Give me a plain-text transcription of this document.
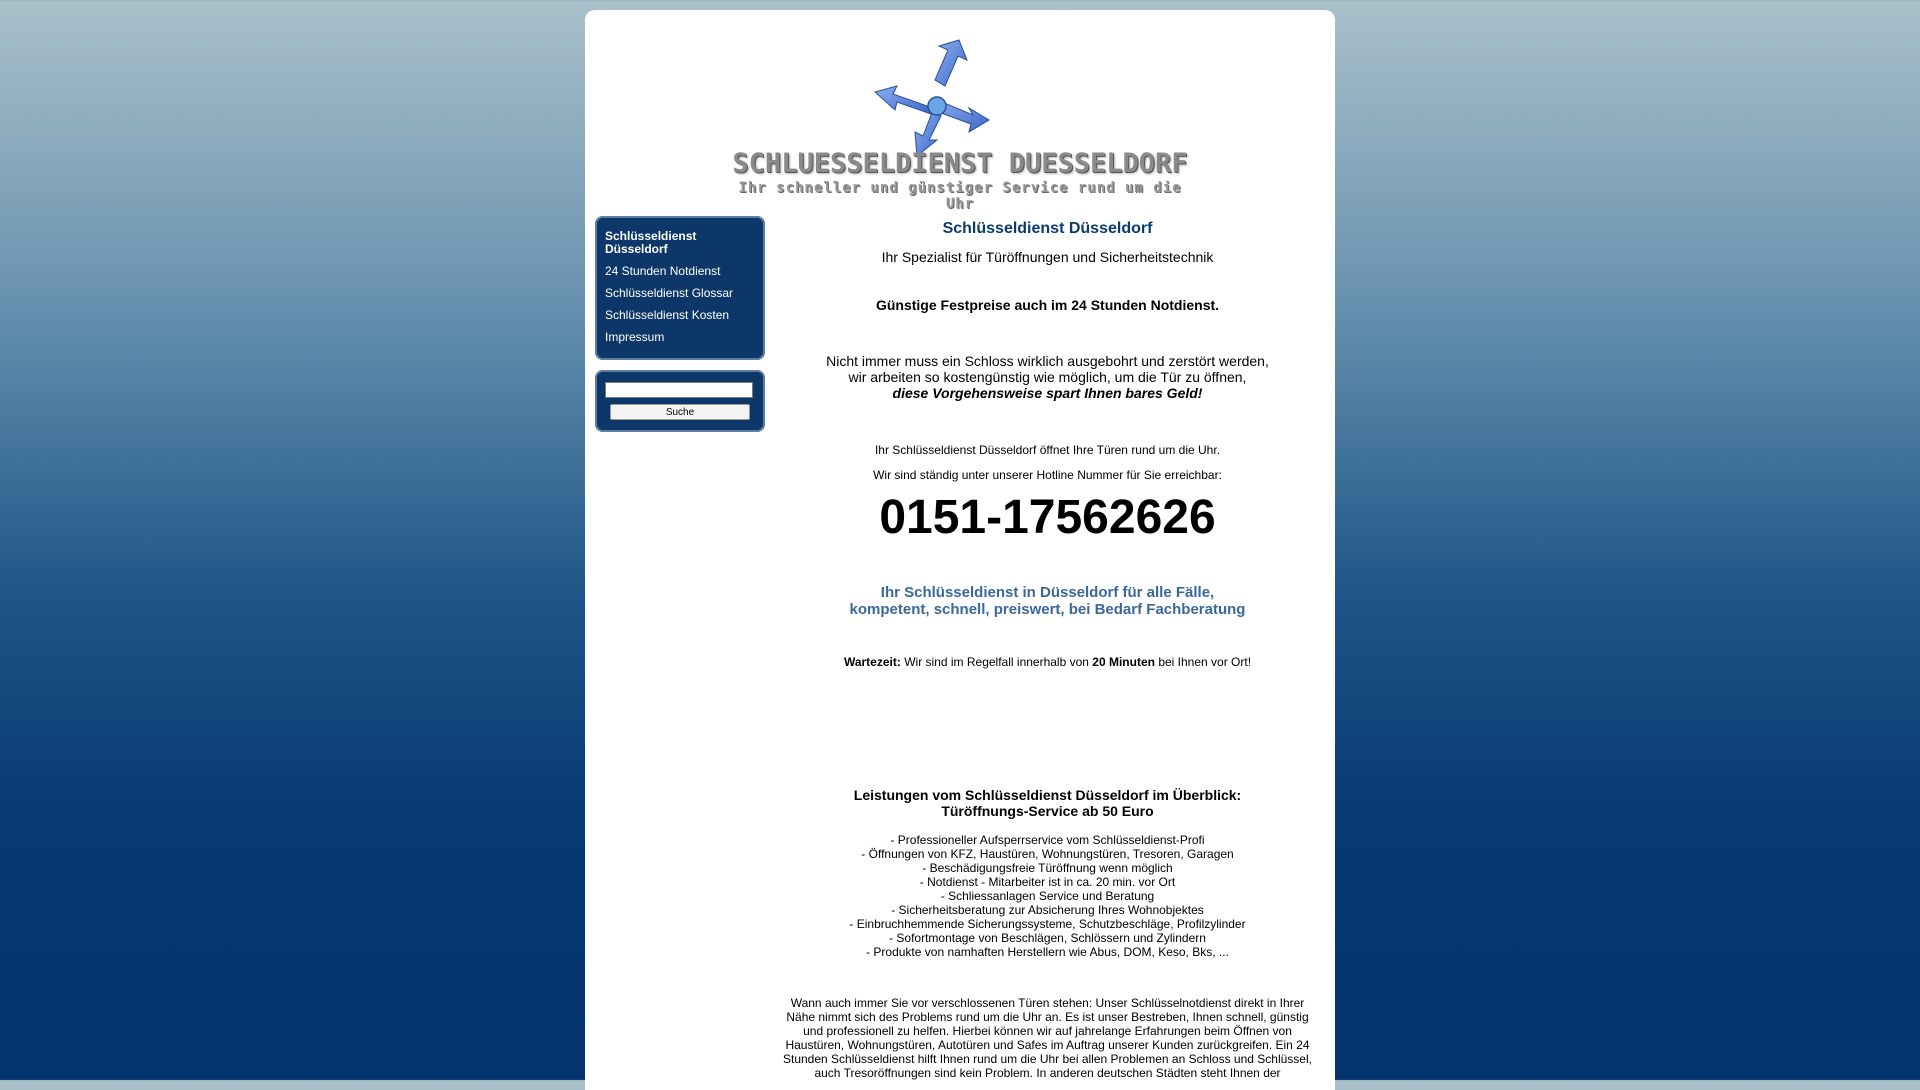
SCHLUESSELDIENST DUESSELDORF
Ihr schneller und günstiger Service rund um die Uhr
Schlüsseldienst Düsseldorf
24 Stunden Notdienst
Schlüsseldienst Glossar
Schlüsseldienst Kosten
Impressum
Suche
Schlüsseldienst Düsseldorf
Ihr Spezialist für Türöffnungen und Sicherheitstechnik
Günstige Festpreise auch im 24 Stunden Notdienst.
Nicht immer muss ein Schloss wirklich ausgebohrt und zerstört werden,
wir arbeiten so kostengünstig wie möglich, um die Tür zu öffnen,
diese Vorgehensweise spart Ihnen bares Geld!
Ihr Schlüsseldienst Düsseldorf öffnet Ihre Türen rund um die Uhr.
Wir sind ständig unter unserer Hotline Nummer für Sie erreichbar:
0151-17562626
Ihr Schlüsseldienst in Düsseldorf für alle Fälle,
kompetent, schnell, preiswert, bei Bedarf Fachberatung
Wartezeit: Wir sind im Regelfall innerhalb von 20 Minuten bei Ihnen vor Ort!
Leistungen vom Schlüsseldienst Düsseldorf im Überblick:
Türöffnungs-Service ab 50 Euro
- Professioneller Aufsperrservice vom Schlüsseldienst-Profi
- Öffnungen von KFZ, Haustüren, Wohnungstüren, Tresoren, Garagen
- Beschädigungsfreie Türöffnung wenn möglich
- Notdienst - Mitarbeiter ist in ca. 20 min. vor Ort
- Schliessanlagen Service und Beratung
- Sicherheitsberatung zur Absicherung Ihres Wohnobjektes
- Einbruchhemmende Sicherungssysteme, Schutzbeschläge, Profilzylinder
- Sofortmontage von Beschlägen, Schlössern und Zylindern
- Produkte von namhaften Herstellern wie Abus, DOM, Keso, Bks, ...
Wann auch immer Sie vor verschlossenen Türen stehen: Unser Schlüsselnotdienst direkt in Ihrer
Nähe nimmt sich des Problems rund um die Uhr an. Es ist unser Bestreben, Ihnen schnell, günstig
und professionell zu helfen. Hierbei können wir auf jahrelange Erfahrungen beim Öffnen von
Haustüren, Wohnungstüren, Autotüren und Safes im Auftrag unserer Kunden zurückgreifen. Ein 24
Stunden Schlüsseldienst hilft Ihnen rund um die Uhr bei allen Problemen an Schloss und Schlüssel,
auch Tresoröffnungen sind kein Problem. In anderen deutschen Städten steht Ihnen der
